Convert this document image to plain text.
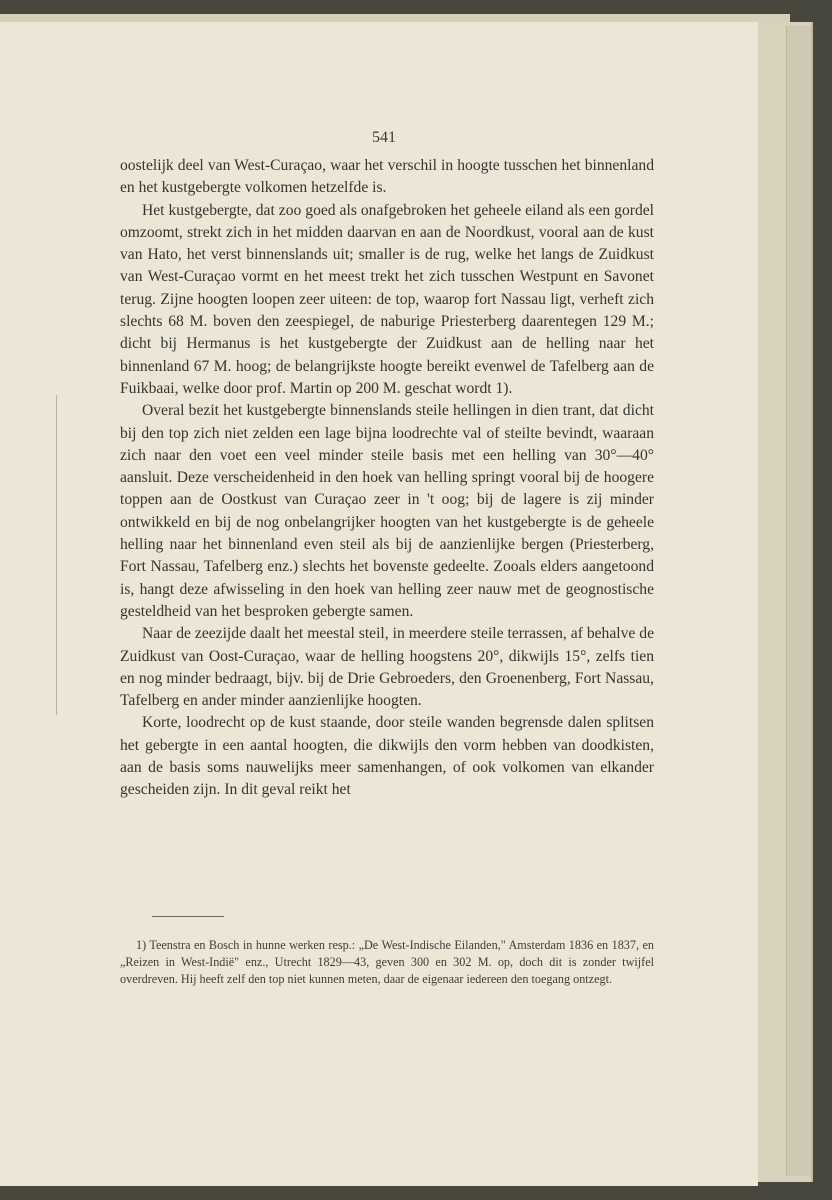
541

oostelijk deel van West-Curaçao, waar het verschil in hoogte tusschen het binnenland en het kustgebergte volkomen hetzelfde is.

Het kustgebergte, dat zoo goed als onafgebroken het geheele eiland als een gordel omzoomt, strekt zich in het midden daarvan en aan de Noordkust, vooral aan de kust van Hato, het verst binnenslands uit; smaller is de rug, welke het langs de Zuidkust van West-Curaçao vormt en het meest trekt het zich tusschen Westpunt en Savonet terug. Zijne hoogten loopen zeer uiteen: de top, waarop fort Nassau ligt, verheft zich slechts 68 M. boven den zeespiegel, de naburige Priesterberg daarentegen 129 M.; dicht bij Hermanus is het kustgebergte der Zuidkust aan de helling naar het binnenland 67 M. hoog; de belangrijkste hoogte bereikt evenwel de Tafelberg aan de Fuikbaai, welke door prof. Martin op 200 M. geschat wordt 1).

Overal bezit het kustgebergte binnenslands steile hellingen in dien trant, dat dicht bij den top zich niet zelden een lage bijna loodrechte val of steilte bevindt, waaraan zich naar den voet een veel minder steile basis met een helling van 30°—40° aansluit. Deze verscheidenheid in den hoek van helling springt vooral bij de hoogere toppen aan de Oostkust van Curaçao zeer in 't oog; bij de lagere is zij minder ontwikkeld en bij de nog onbelangrijker hoogten van het kustgebergte is de geheele helling naar het binnenland even steil als bij de aanzienlijke bergen (Priesterberg, Fort Nassau, Tafelberg enz.) slechts het bovenste gedeelte. Zooals elders aangetoond is, hangt deze afwisseling in den hoek van helling zeer nauw met de geognostische gesteldheid van het besproken gebergte samen.

Naar de zeezijde daalt het meestal steil, in meerdere steile terrassen, af behalve de Zuidkust van Oost-Curaçao, waar de helling hoogstens 20°, dikwijls 15°, zelfs tien en nog minder bedraagt, bijv. bij de Drie Gebroeders, den Groenenberg, Fort Nassau, Tafelberg en ander minder aanzienlijke hoogten.

Korte, loodrecht op de kust staande, door steile wanden begrensde dalen splitsen het gebergte in een aantal hoogten, die dikwijls den vorm hebben van doodkisten, aan de basis soms nauwelijks meer samenhangen, of ook volkomen van elkander gescheiden zijn. In dit geval reikt het

1) Teenstra en Bosch in hunne werken resp.: „De West-Indische Eilanden," Amsterdam 1836 en 1837, en „Reizen in West-Indië" enz., Utrecht 1829—43, geven 300 en 302 M. op, doch dit is zonder twijfel overdreven. Hij heeft zelf den top niet kunnen meten, daar de eigenaar iedereen den toegang ontzegt.
